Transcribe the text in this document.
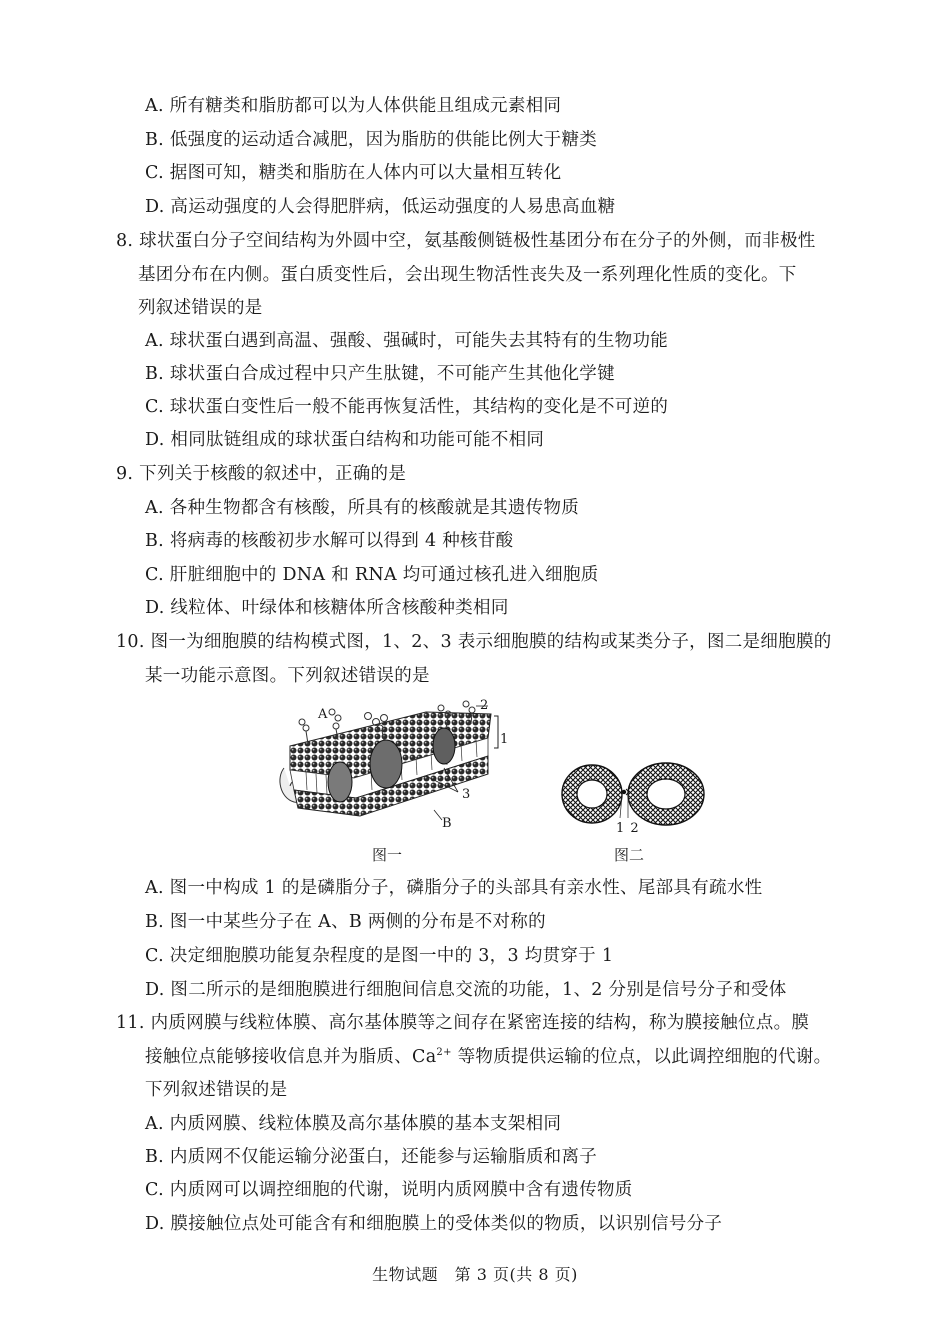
A. 所有糖类和脂肪都可以为人体供能且组成元素相同
B. 低强度的运动适合减肥，因为脂肪的供能比例大于糖类
C. 据图可知，糖类和脂肪在人体内可以大量相互转化
D. 高运动强度的人会得肥胖病，低运动强度的人易患高血糖
8. 球状蛋白分子空间结构为外圆中空，氨基酸侧链极性基团分布在分子的外侧，而非极性
基团分布在内侧。蛋白质变性后，会出现生物活性丧失及一系列理化性质的变化。下
列叙述错误的是
A. 球状蛋白遇到高温、强酸、强碱时，可能失去其特有的生物功能
B. 球状蛋白合成过程中只产生肽键，不可能产生其他化学键
C. 球状蛋白变性后一般不能再恢复活性，其结构的变化是不可逆的
D. 相同肽链组成的球状蛋白结构和功能可能不相同
9. 下列关于核酸的叙述中，正确的是
A. 各种生物都含有核酸，所具有的核酸就是其遗传物质
B. 将病毒的核酸初步水解可以得到 4 种核苷酸
C. 肝脏细胞中的 DNA 和 RNA 均可通过核孔进入细胞质
D. 线粒体、叶绿体和核糖体所含核酸种类相同
10. 图一为细胞膜的结构模式图，1、2、3 表示细胞膜的结构或某类分子，图二是细胞膜的
某一功能示意图。下列叙述错误的是
A
2
1
3
B
图一
1 2
图二
A. 图一中构成 1 的是磷脂分子，磷脂分子的头部具有亲水性、尾部具有疏水性
B. 图一中某些分子在 A、B 两侧的分布是不对称的
C. 决定细胞膜功能复杂程度的是图一中的 3，3 均贯穿于 1
D. 图二所示的是细胞膜进行细胞间信息交流的功能，1、2 分别是信号分子和受体
11. 内质网膜与线粒体膜、高尔基体膜等之间存在紧密连接的结构，称为膜接触位点。膜
接触位点能够接收信息并为脂质、$Ca^{2+}$ 等物质提供运输的位点，以此调控细胞的代谢。
下列叙述错误的是
A. 内质网膜、线粒体膜及高尔基体膜的基本支架相同
B. 内质网不仅能运输分泌蛋白，还能参与运输脂质和离子
C. 内质网可以调控细胞的代谢，说明内质网膜中含有遗传物质
D. 膜接触位点处可能含有和细胞膜上的受体类似的物质，以识别信号分子
生物试题　第 3 页(共 8 页)
